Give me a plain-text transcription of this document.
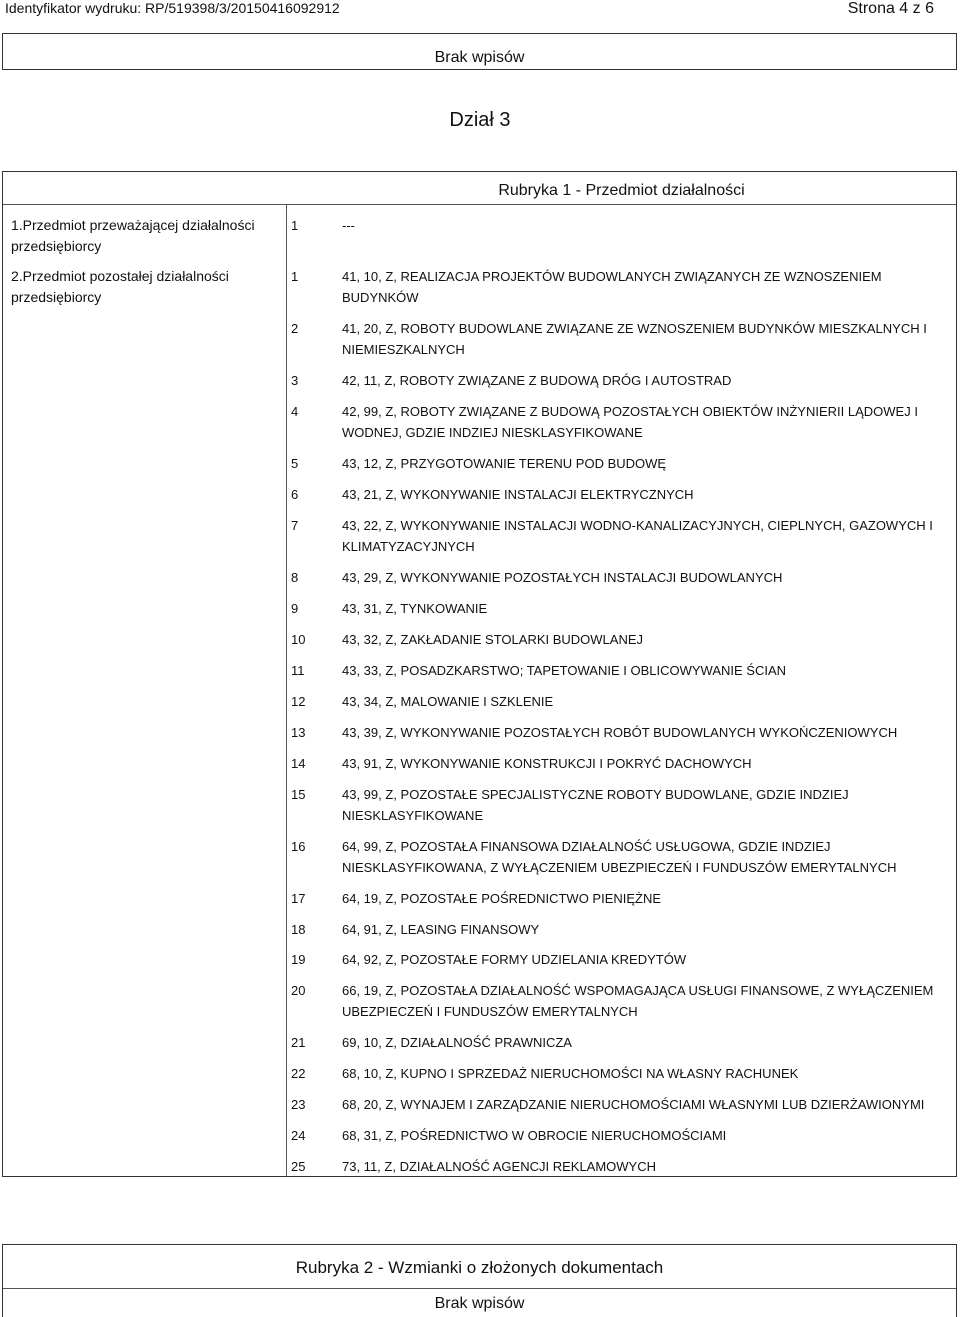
Identyfikator wydruku: RP/519398/3/20150416092912	Strona 4 z 6
Brak wpisów
Dział 3
Rubryka 1 - Przedmiot działalności
1.Przedmiot przeważającej działalności przedsiębiorcy
1	---
2.Przedmiot pozostałej działalności przedsiębiorcy
1	41, 10, Z, REALIZACJA PROJEKTÓW BUDOWLANYCH ZWIĄZANYCH ZE WZNOSZENIEM BUDYNKÓW
2	41, 20, Z, ROBOTY BUDOWLANE ZWIĄZANE ZE WZNOSZENIEM BUDYNKÓW MIESZKALNYCH I NIEMIESZKALNYCH
3	42, 11, Z, ROBOTY ZWIĄZANE Z BUDOWĄ DRÓG I AUTOSTRAD
4	42, 99, Z, ROBOTY ZWIĄZANE Z BUDOWĄ POZOSTAŁYCH OBIEKTÓW INŻYNIERII LĄDOWEJ I WODNEJ, GDZIE INDZIEJ NIESKLASYFIKOWANE
5	43, 12, Z, PRZYGOTOWANIE TERENU POD BUDOWĘ
6	43, 21, Z, WYKONYWANIE INSTALACJI ELEKTRYCZNYCH
7	43, 22, Z, WYKONYWANIE INSTALACJI WODNO-KANALIZACYJNYCH, CIEPLNYCH, GAZOWYCH I KLIMATYZACYJNYCH
8	43, 29, Z, WYKONYWANIE POZOSTAŁYCH INSTALACJI BUDOWLANYCH
9	43, 31, Z, TYNKOWANIE
10	43, 32, Z, ZAKŁADANIE STOLARKI BUDOWLANEJ
11	43, 33, Z, POSADZKARSTWO; TAPETOWANIE I OBLICOWYWANIE ŚCIAN
12	43, 34, Z, MALOWANIE I SZKLENIE
13	43, 39, Z, WYKONYWANIE POZOSTAŁYCH ROBÓT BUDOWLANYCH WYKOŃCZENIOWYCH
14	43, 91, Z, WYKONYWANIE KONSTRUKCJI I POKRYĆ DACHOWYCH
15	43, 99, Z, POZOSTAŁE SPECJALISTYCZNE ROBOTY BUDOWLANE, GDZIE INDZIEJ NIESKLASYFIKOWANE
16	64, 99, Z, POZOSTAŁA FINANSOWA DZIAŁALNOŚĆ USŁUGOWA, GDZIE INDZIEJ NIESKLASYFIKOWANA, Z WYŁĄCZENIEM UBEZPIECZEŃ I FUNDUSZÓW EMERYTALNYCH
17	64, 19, Z, POZOSTAŁE POŚREDNICTWO PIENIĘŻNE
18	64, 91, Z, LEASING FINANSOWY
19	64, 92, Z, POZOSTAŁE FORMY UDZIELANIA KREDYTÓW
20	66, 19, Z, POZOSTAŁA DZIAŁALNOŚĆ WSPOMAGAJĄCA USŁUGI FINANSOWE, Z WYŁĄCZENIEM UBEZPIECZEŃ I FUNDUSZÓW EMERYTALNYCH
21	69, 10, Z, DZIAŁALNOŚĆ PRAWNICZA
22	68, 10, Z, KUPNO I SPRZEDAŻ NIERUCHOMOŚCI NA WŁASNY RACHUNEK
23	68, 20, Z, WYNAJEM I ZARZĄDZANIE NIERUCHOMOŚCIAMI WŁASNYMI LUB DZIERŻAWIONYMI
24	68, 31, Z, POŚREDNICTWO W OBROCIE NIERUCHOMOŚCIAMI
25	73, 11, Z, DZIAŁALNOŚĆ AGENCJI REKLAMOWYCH
Rubryka 2 - Wzmianki o złożonych dokumentach
Brak wpisów
